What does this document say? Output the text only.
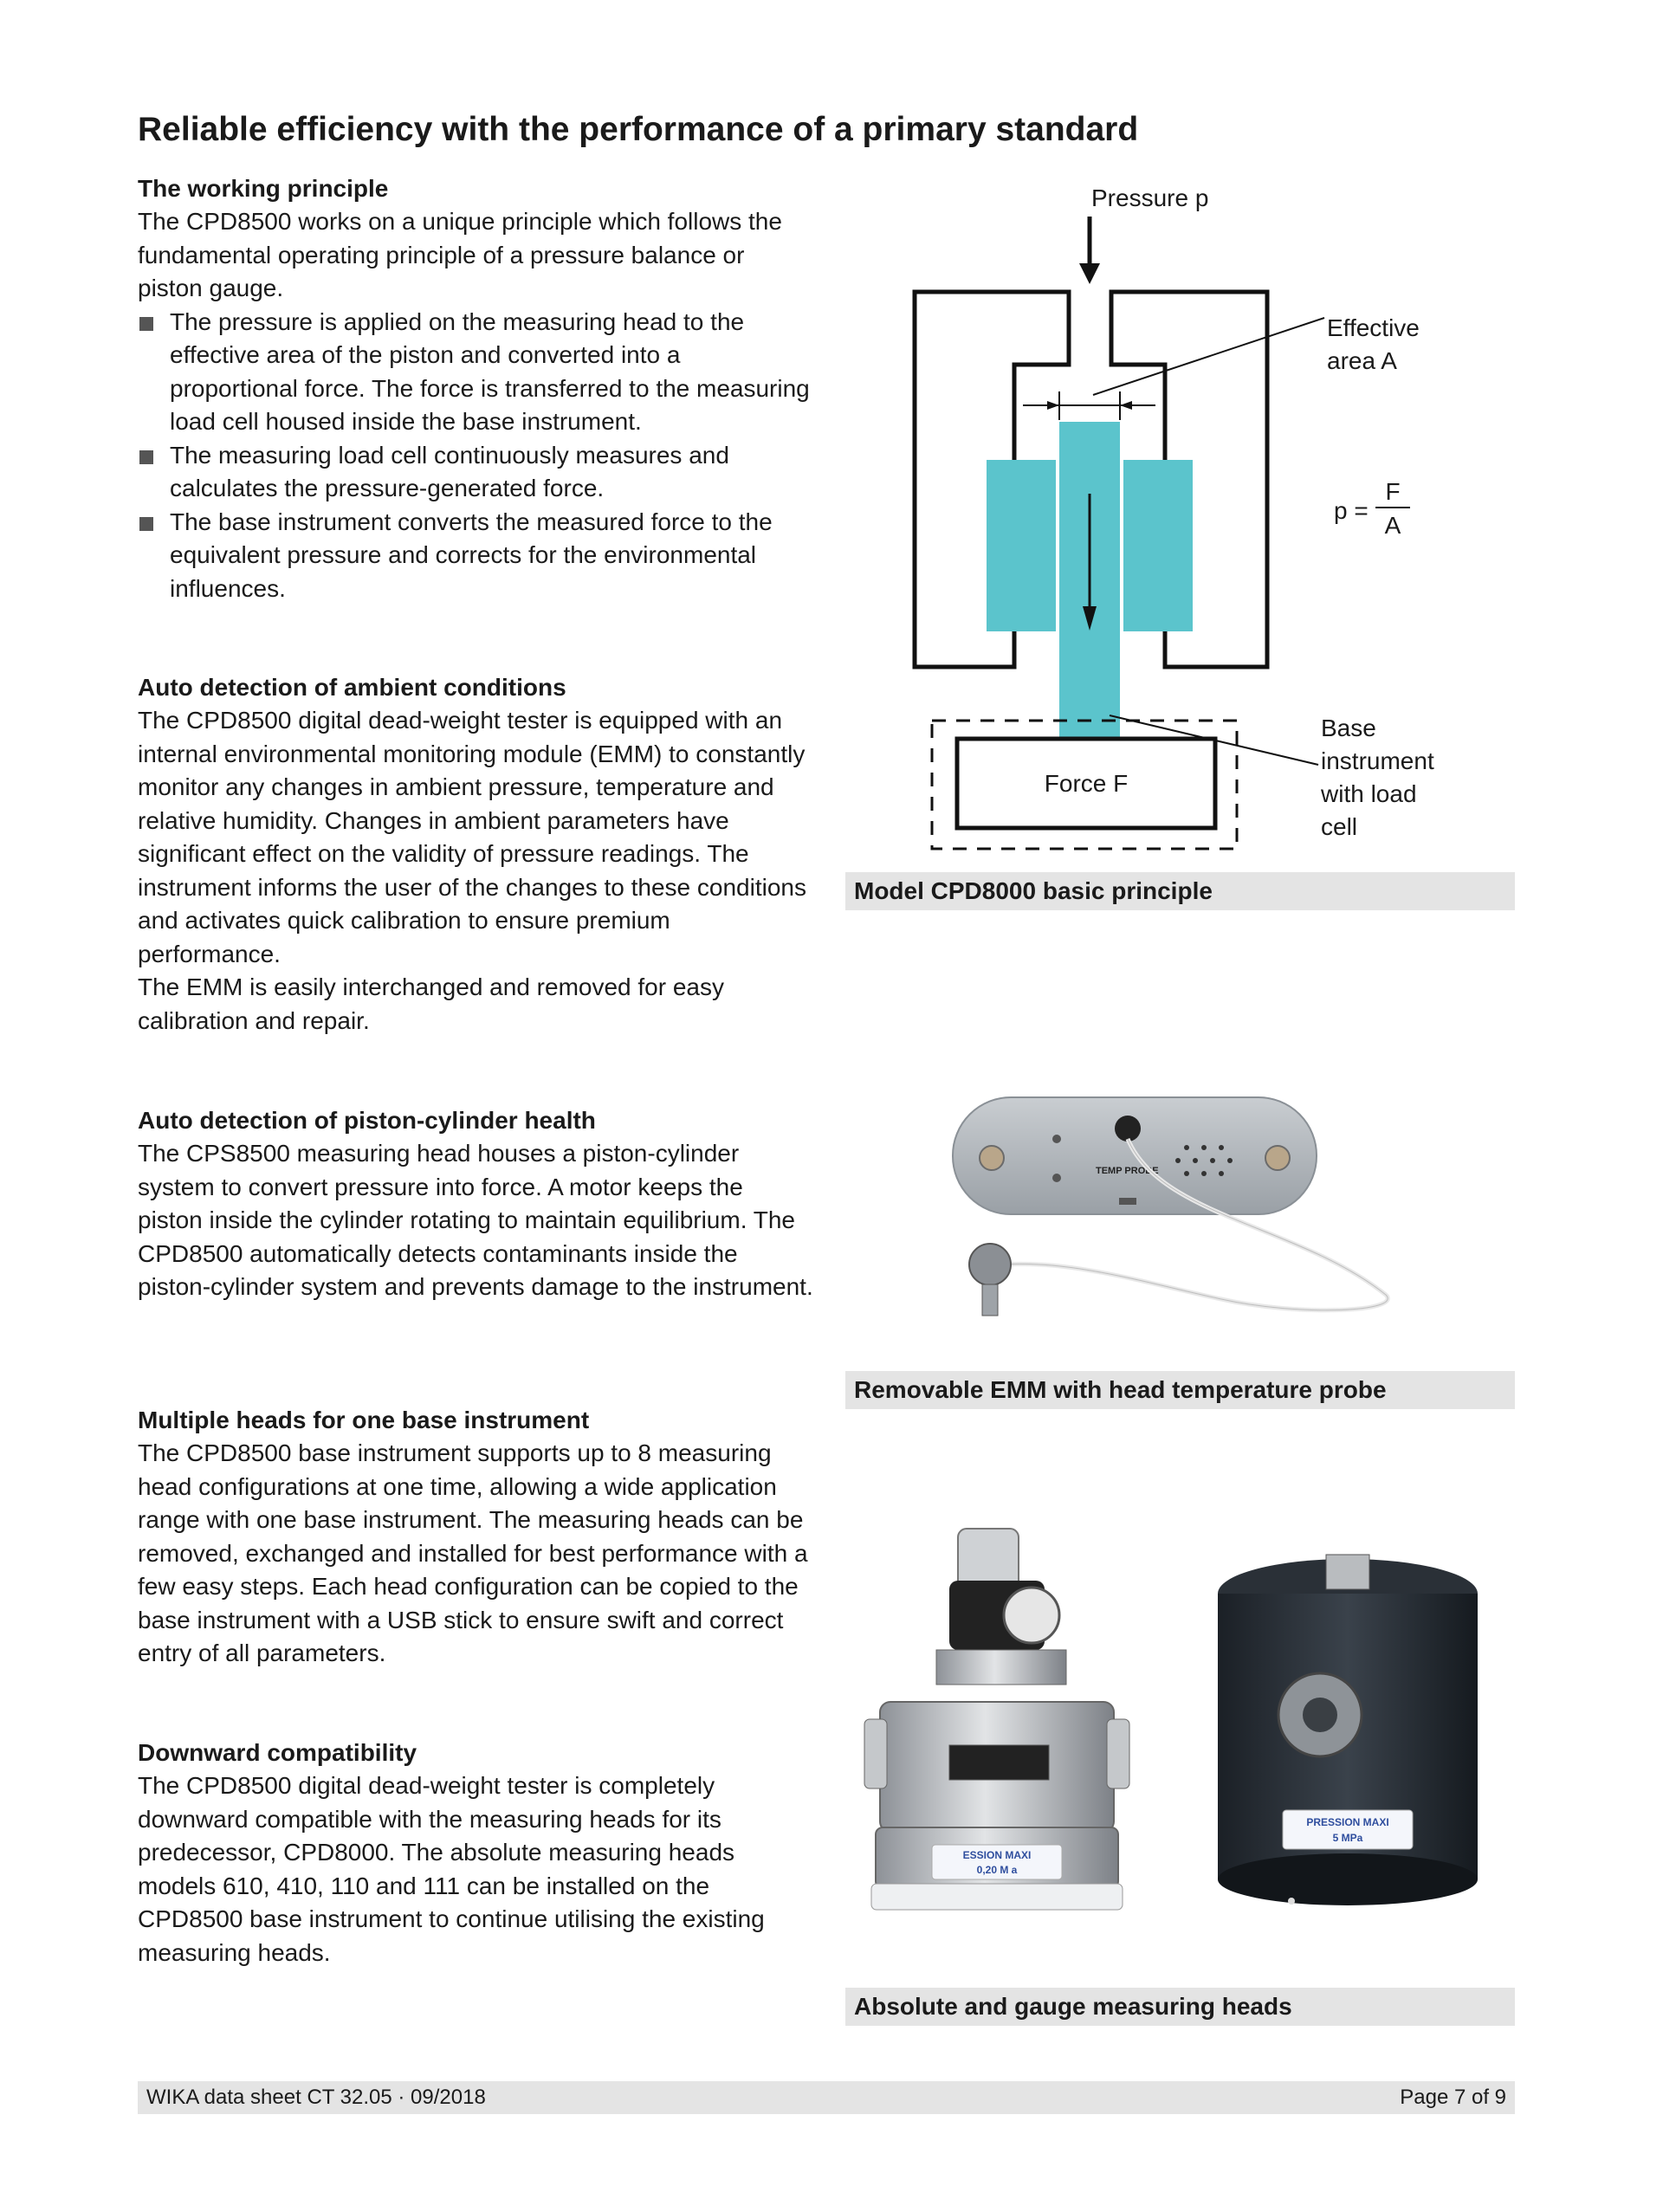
Reliable efficiency with the performance of a primary standard
The working principle

The CPD8500 works on a unique principle which follows the fundamental operating principle of a pressure balance or piston gauge.

The pressure is applied on the measuring head to the effective area of the piston and converted into a proportional force. The force is transferred to the measuring load cell housed inside the base instrument.
The measuring load cell continuously measures and calculates the pressure-generated force.
The base instrument converts the measured force to the equivalent pressure and corrects for the environmental influences.
Auto detection of ambient conditions

The CPD8500 digital dead-weight tester is equipped with an internal environmental monitoring module (EMM) to constantly monitor any changes in ambient pressure, temperature and relative humidity. Changes in ambient parameters have significant effect on the validity of pressure readings. The instrument informs the user of the changes to these conditions and activates quick calibration to ensure premium performance.

The EMM is easily interchanged and removed for easy calibration and repair.

Auto detection of piston-cylinder health

The CPS8500 measuring head houses a piston-cylinder system to convert pressure into force. A motor keeps the piston inside the cylinder rotating to maintain equilibrium. The CPD8500 automatically detects contaminants inside the piston-cylinder system and prevents damage to the instrument.

Multiple heads for one base instrument

The CPD8500 base instrument supports up to 8 measuring head configurations at one time, allowing a wide application range with one base instrument. The measuring heads can be removed, exchanged and installed for best performance with a few easy steps. Each head configuration can be copied to the base instrument with a USB stick to ensure swift and correct entry of all parameters.

Downward compatibility

The CPD8500 digital dead-weight tester is completely downward compatible with the measuring heads for its predecessor, CPD8000. The absolute measuring heads models 610, 410, 110 and 111 can be installed on the CPD8500 base instrument to continue utilising the existing measuring heads.

Pressure p
Effective
area A
p =
F
A
Force F
Base
instrument
with load
cell
Model CPD8000 basic principle
TEMP PROBE
Removable EMM with head temperature probe
ESSION MAXI
0,20 M a
PRESSION MAXI
5 MPa
Absolute and gauge measuring heads
WIKA data sheet CT 32.05 · 09/2018	Page 7 of 9
